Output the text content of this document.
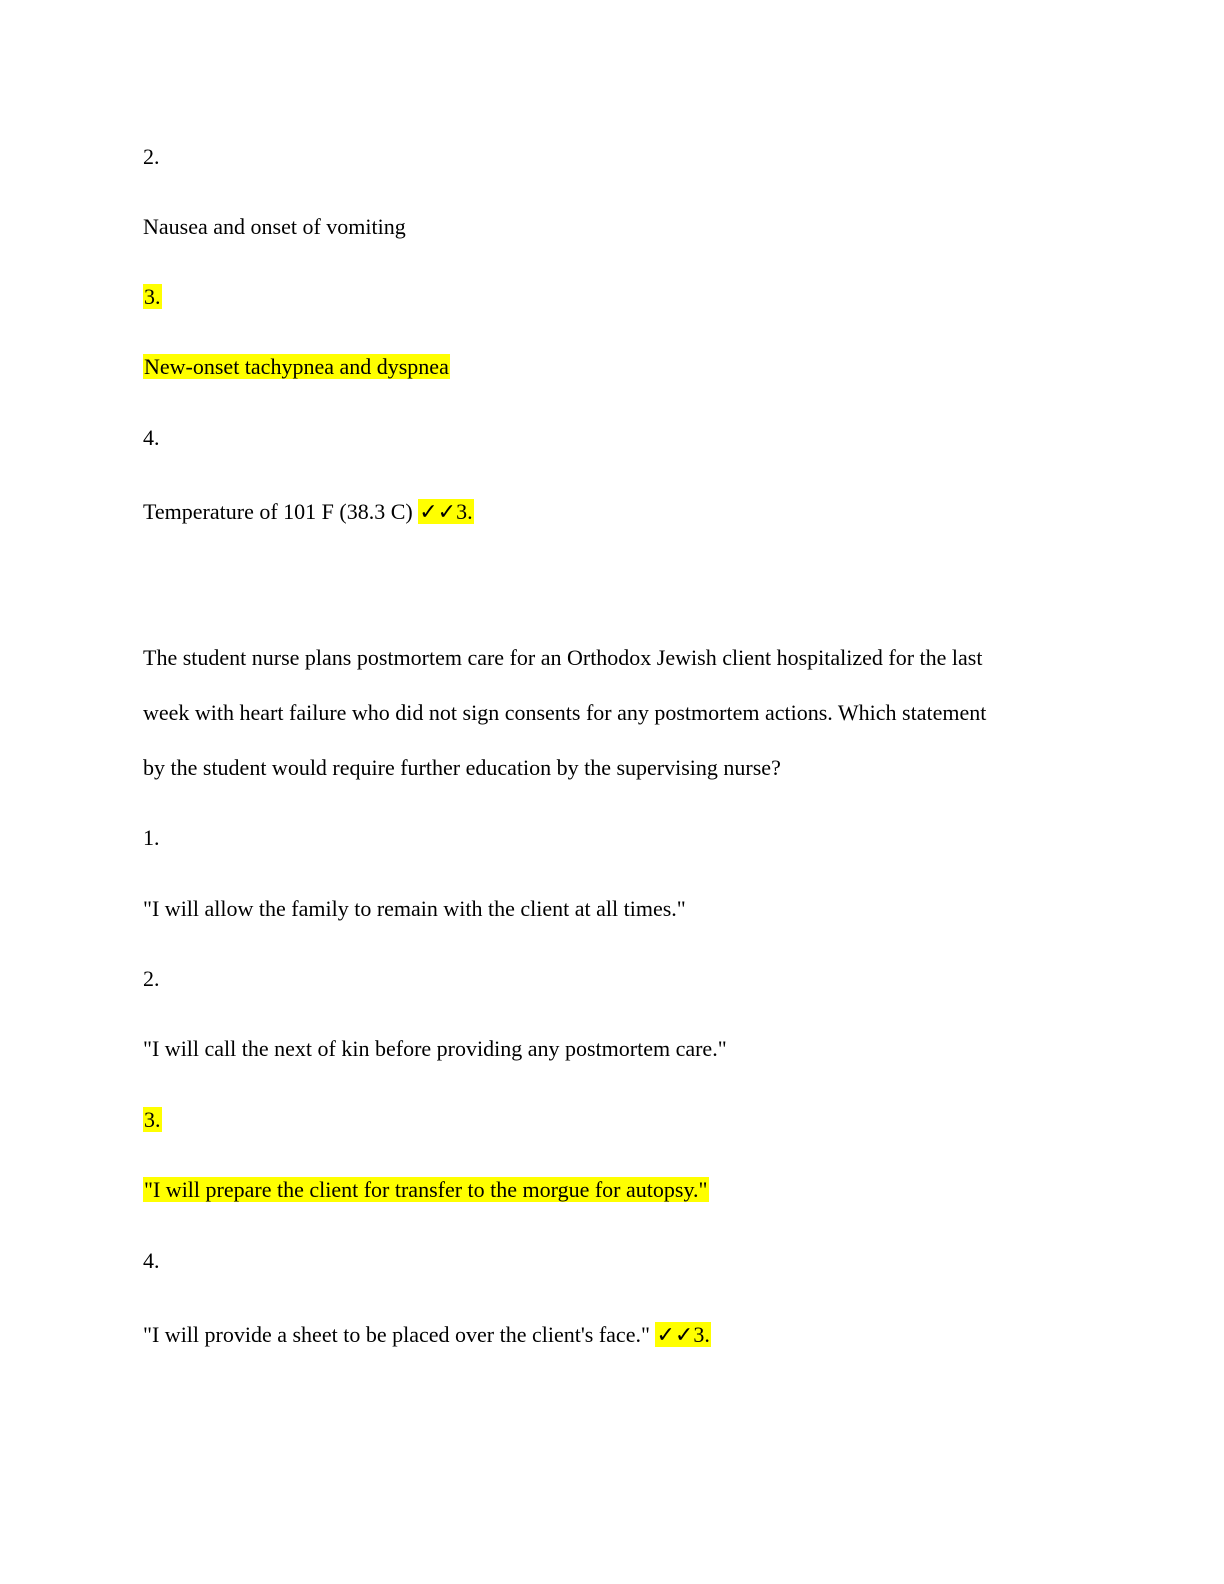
2.
Nausea and onset of vomiting
3.
New-onset tachypnea and dyspnea
4.
Temperature of 101 F (38.3 C) ✓✓3.
The student nurse plans postmortem care for an Orthodox Jewish client hospitalized for the last
week with heart failure who did not sign consents for any postmortem actions. Which statement
by the student would require further education by the supervising nurse?
1.
"I will allow the family to remain with the client at all times."
2.
"I will call the next of kin before providing any postmortem care."
3.
"I will prepare the client for transfer to the morgue for autopsy."
4.
"I will provide a sheet to be placed over the client's face." ✓✓3.
